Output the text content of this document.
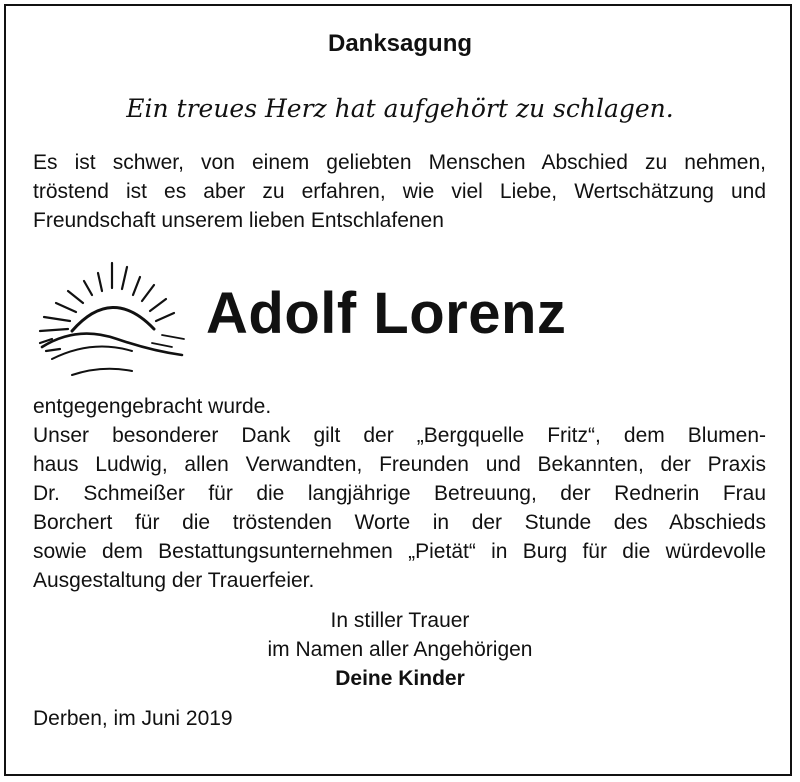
Danksagung
Ein treues Herz hat aufgehört zu schlagen.
Es ist schwer, von einem geliebten Menschen Abschied zu nehmen,
tröstend ist es aber zu erfahren, wie viel Liebe, Wertschätzung und
Freundschaft unserem lieben Entschlafenen
Adolf Lorenz
entgegengebracht wurde.
Unser besonderer Dank gilt der „Bergquelle Fritz“, dem Blumen-
haus Ludwig, allen Verwandten, Freunden und Bekannten, der Praxis
Dr. Schmeißer für die langjährige Betreuung, der Rednerin Frau
Borchert für die tröstenden Worte in der Stunde des Abschieds
sowie dem Bestattungsunternehmen „Pietät“ in Burg für die würdevolle
Ausgestaltung der Trauerfeier.
In stiller Trauer
im Namen aller Angehörigen
Deine Kinder
Derben, im Juni 2019
